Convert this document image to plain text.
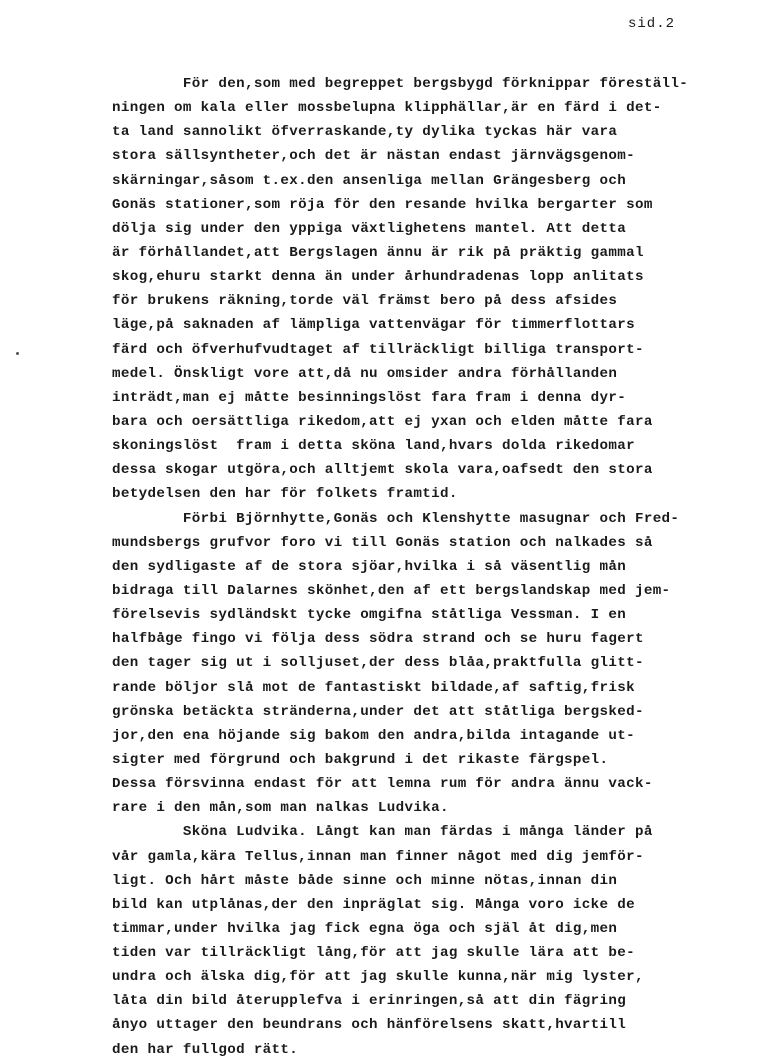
sid.2
För den,som med begreppet bergsbygd förknippar föreställ-
ningen om kala eller mossbelupna klipphällar,är en färd i det-
ta land sannolikt öfverraskande,ty dylika tyckas här vara
stora sällsyntheter,och det är nästan endast järnvägsgenom-
skärningar,såsom t.ex.den ansenliga mellan Grängesberg och
Gonäs stationer,som röja för den resande hvilka bergarter som
dölja sig under den yppiga växtlighetens mantel. Att detta
är förhållandet,att Bergslagen ännu är rik på präktig gammal
skog,ehuru starkt denna än under århundradenas lopp anlitats
för brukens räkning,torde väl främst bero på dess afsides
läge,på saknaden af lämpliga vattenvägar för timmerflottars
färd och öfverhufvudtaget af tillräckligt billiga transport-
medel. Önskligt vore att,då nu omsider andra förhållanden
inträdt,man ej måtte besinningslöst fara fram i denna dyr-
bara och oersättliga rikedom,att ej yxan och elden måtte fara
skoningslöst  fram i detta sköna land,hvars dolda rikedomar
dessa skogar utgöra,och alltjemt skola vara,oafsedt den stora
betydelsen den har för folkets framtid.
Förbi Björnhytte,Gonäs och Klenshytte masugnar och Fred-
mundsbergs grufvor foro vi till Gonäs station och nalkades så
den sydligaste af de stora sjöar,hvilka i så väsentlig mån
bidraga till Dalarnes skönhet,den af ett bergslandskap med jem-
förelsevis sydländskt tycke omgifna ståtliga Vessman. I en
halfbåge fingo vi följa dess södra strand och se huru fagert
den tager sig ut i solljuset,der dess blåa,praktfulla glitt-
rande böljor slå mot de fantastiskt bildade,af saftig,frisk
grönska betäckta stränderna,under det att ståtliga bergsked-
jor,den ena höjande sig bakom den andra,bilda intagande ut-
sigter med förgrund och bakgrund i det rikaste färgspel.
Dessa försvinna endast för att lemna rum för andra ännu vack-
rare i den mån,som man nalkas Ludvika.
Sköna Ludvika. Långt kan man färdas i många länder på
vår gamla,kära Tellus,innan man finner något med dig jemför-
ligt. Och hårt måste både sinne och minne nötas,innan din
bild kan utplånas,der den inpräglat sig. Många voro icke de
timmar,under hvilka jag fick egna öga och själ åt dig,men
tiden var tillräckligt lång,för att jag skulle lära att be-
undra och älska dig,för att jag skulle kunna,när mig lyster,
låta din bild återupplefva i erinringen,så att din fägring
ånyo uttager den beundrans och hänförelsens skatt,hvartill
den har fullgod rätt.
